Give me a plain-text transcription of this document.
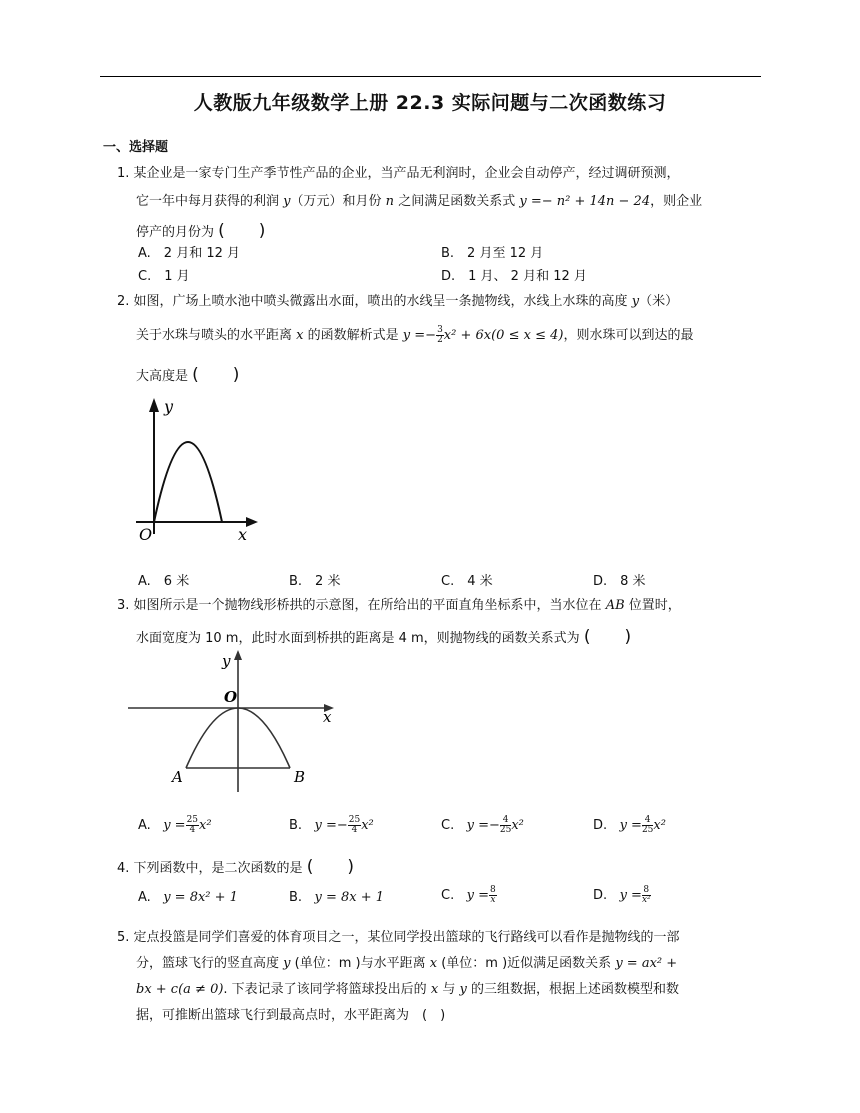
人教版九年级数学上册 22.3 实际问题与二次函数练习
一、选择题
1. 某企业是一家专门生产季节性产品的企业，当产品无利润时，企业会自动停产，经过调研预测，
它一年中每月获得的利润 y（万元）和月份 n 之间满足函数关系式 y =− n² + 14n − 24，则企业
停产的月份为 (　　)
A.　2 月和 12 月	B.　2 月至 12 月
C.　1 月	D.　1 月、 2 月和 12 月
2. 如图，广场上喷水池中喷头微露出水面，喷出的水线呈一条抛物线，水线上水珠的高度 y（米）
关于水珠与喷头的水平距离 x 的函数解析式是 $y =- \frac{3}{2} x^2 + 6x(0 \le x \le 4)$，则水珠可以到达的最
大高度是 (　　)
y
x
O
A.　6 米	B.　2 米	C.　4 米	D.　8 米
3. 如图所示是一个抛物线形桥拱的示意图，在所给出的平面直角坐标系中，当水位在 AB 位置时，
水面宽度为 10 m，此时水面到桥拱的距离是 4 m，则抛物线的函数关系式为 (　　)
y
O
x
A	B
A. $y = \frac{25}{4} x^2$	B. $y =- \frac{25}{4} x^2$	C. $y =- \frac{4}{25} x^2$	D. $y = \frac{4}{25} x^2$
4. 下列函数中，是二次函数的是 (　　)
A. y = 8x² + 1	B. y = 8x + 1	C. $y = \frac{8}{x}$	D. $y = \frac{8}{\text{x²}}$
5. 定点投篮是同学们喜爱的体育项目之一，某位同学投出篮球的飞行路线可以看作是抛物线的一部
分，篮球飞行的竖直高度 y (单位：m )与水平距离 x (单位：m )近似满足函数关系 y = ax² +
bx + c(a ≠ 0). 下表记录了该同学将篮球投出后的 x 与 y 的三组数据，根据上述函数模型和数
据，可推断出篮球飞行到最高点时，水平距离为　(　)
